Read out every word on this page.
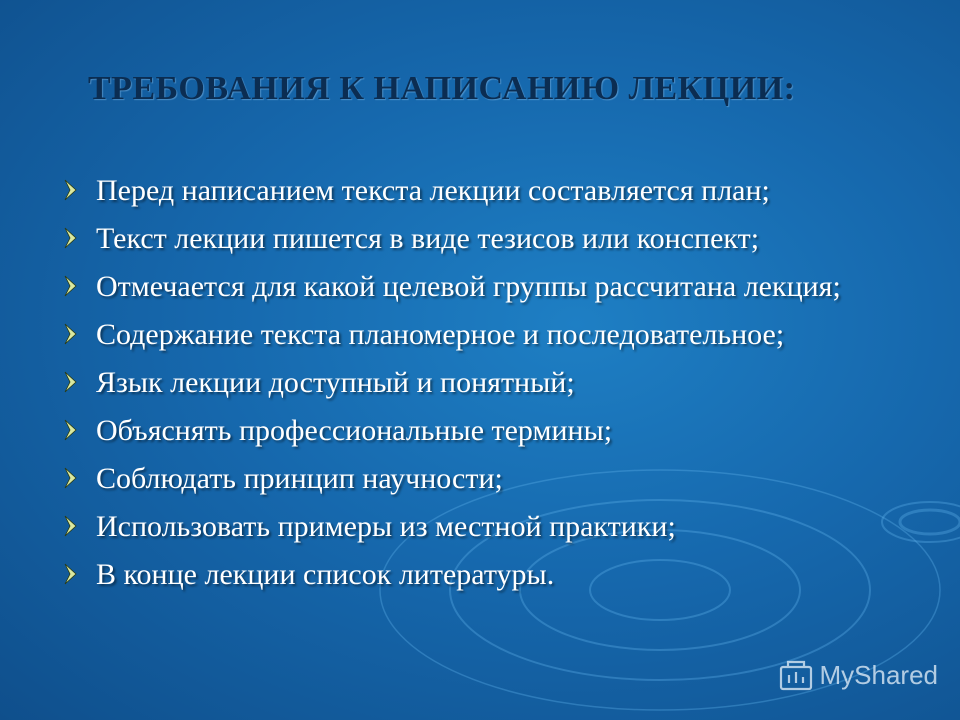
ТРЕБОВАНИЯ К НАПИСАНИЮ ЛЕКЦИИ:
Перед написанием текста лекции составляется план;
Текст лекции пишется в виде тезисов или конспект;
Отмечается для какой целевой группы рассчитана лекция;
Содержание текста планомерное и последовательное;
Язык лекции доступный и понятный;
Объяснять профессиональные термины;
Соблюдать принцип научности;
Использовать примеры из местной практики;
В конце лекции список литературы.
MyShared
